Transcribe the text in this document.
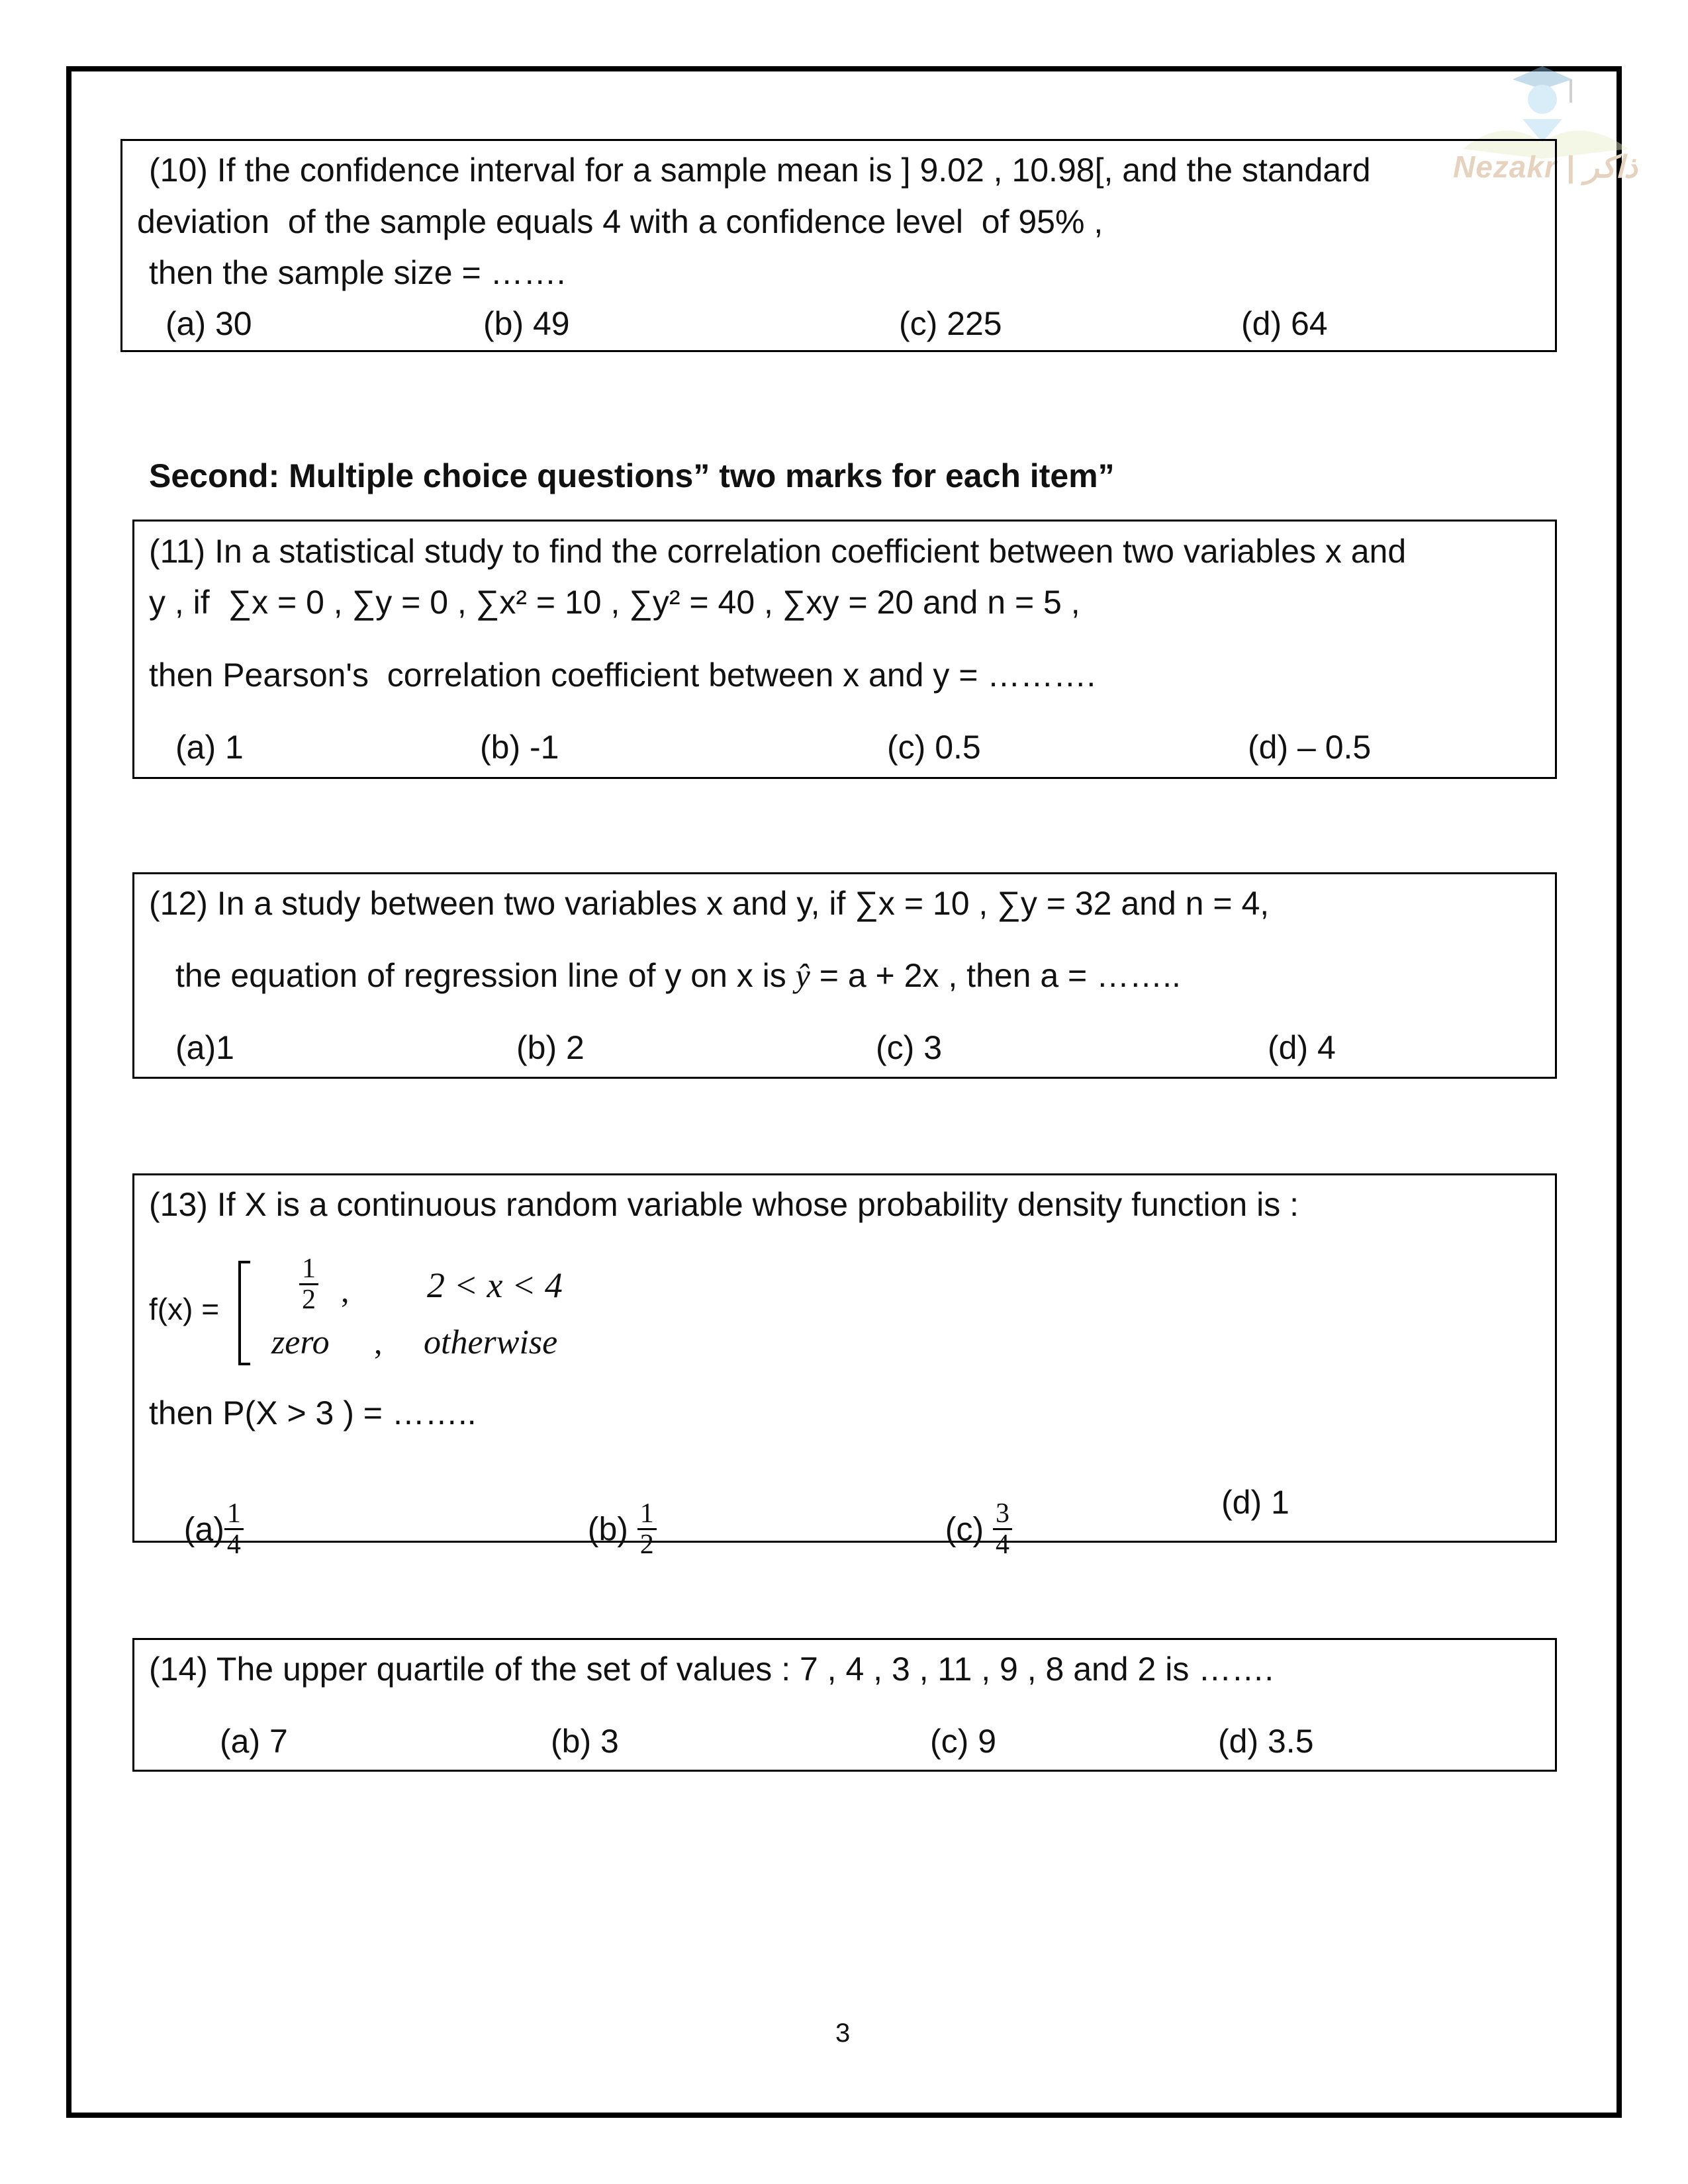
Nezakr | ذاكر
(10) If the confidence interval for a sample mean is ] 9.02 , 10.98[, and the standard
deviation  of the sample equals 4 with a confidence level  of 95% ,
then the sample size = …….
(a) 30	(b) 49	(c) 225	(d) 64
Second: Multiple choice questions” two marks for each item”
(11) In a statistical study to find the correlation coefficient between two variables x and
y , if  ∑x = 0 , ∑y = 0 , ∑x² = 10 , ∑y² = 40 , ∑xy = 20 and n = 5 ,
then Pearson's  correlation coefficient between x and y = ……….
(a) 1	(b) -1	(c) 0.5	(d) – 0.5
(12) In a study between two variables x and y, if ∑x = 10 , ∑y = 32 and n = 4,
the equation of regression line of y on x is ŷ = a + 2x , then a = ……..
(a)1	(b) 2	(c) 3	(d) 4
(13) If X is a continuous random variable whose probability density function is :
f(x) =	$\frac{1}{2}$ , 2 < x < 4
zero , otherwise
then P(X > 3 ) = ……..

$(a) \frac{1}{4}$	$(b) \frac{1}{2}$	$(c) \frac{3}{4}$	(d) 1
(14) The upper quartile of the set of values : 7 , 4 , 3 , 11 , 9 , 8 and 2 is …….
(a) 7	(b) 3	(c) 9	(d) 3.5
3
